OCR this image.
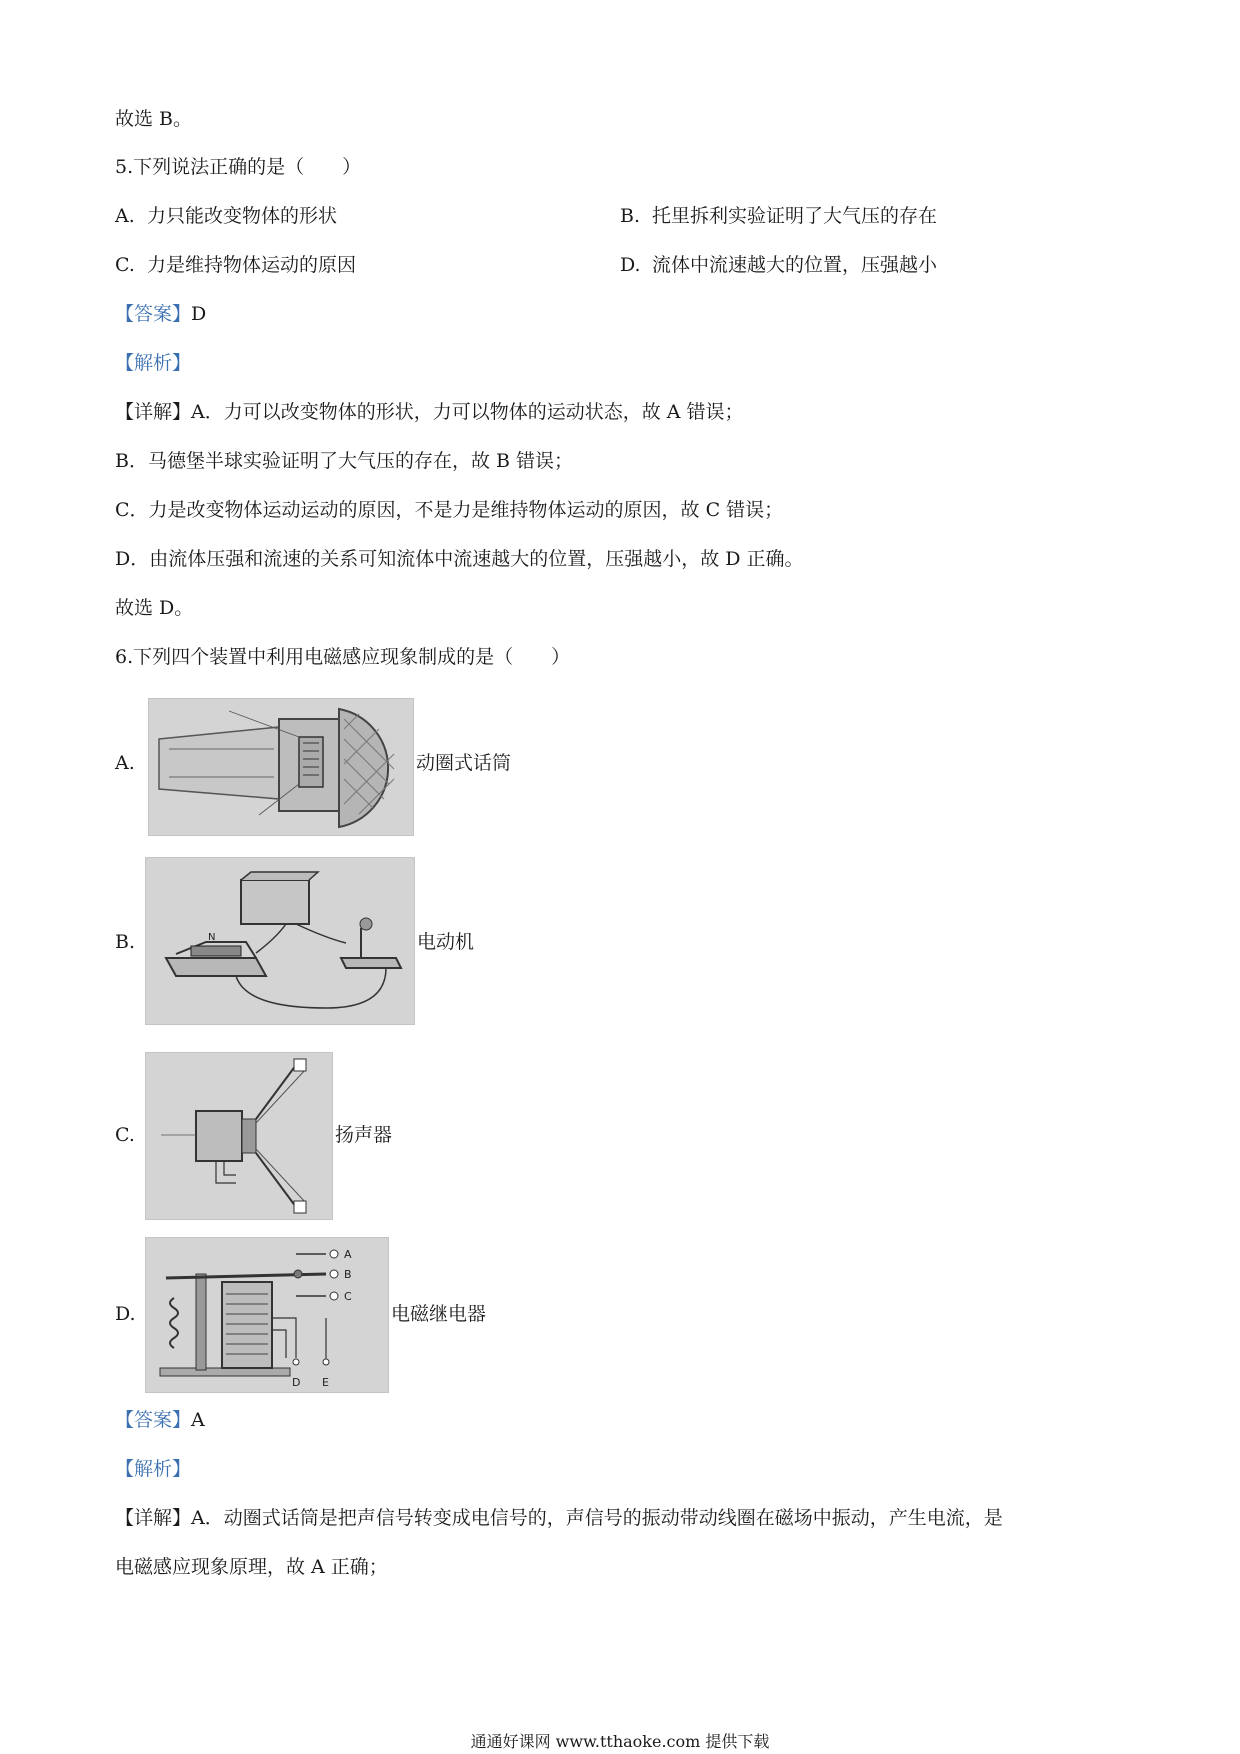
故选 B。
5.下列说法正确的是（　　）
A. 力只能改变物体的形状	B. 托里拆利实验证明了大气压的存在
C. 力是维持物体运动的原因	D. 流体中流速越大的位置，压强越小
【答案】D
【解析】
【详解】A．力可以改变物体的形状，力可以物体的运动状态，故 A 错误；
B．马德堡半球实验证明了大气压的存在，故 B 错误；
C．力是改变物体运动运动的原因，不是力是维持物体运动的原因，故 C 错误；
D．由流体压强和流速的关系可知流体中流速越大的位置，压强越小，故 D 正确。
故选 D。
6.下列四个装置中利用电磁感应现象制成的是（　　）
A.	动圈式话筒
B.	N	电动机
C.	扬声器
D.
A
B
C
D E
电磁继电器
【答案】A
【解析】
【详解】A．动圈式话筒是把声信号转变成电信号的，声信号的振动带动线圈在磁场中振动，产生电流，是
电磁感应现象原理，故 A 正确；
通通好课网 www.tthaoke.com 提供下载
